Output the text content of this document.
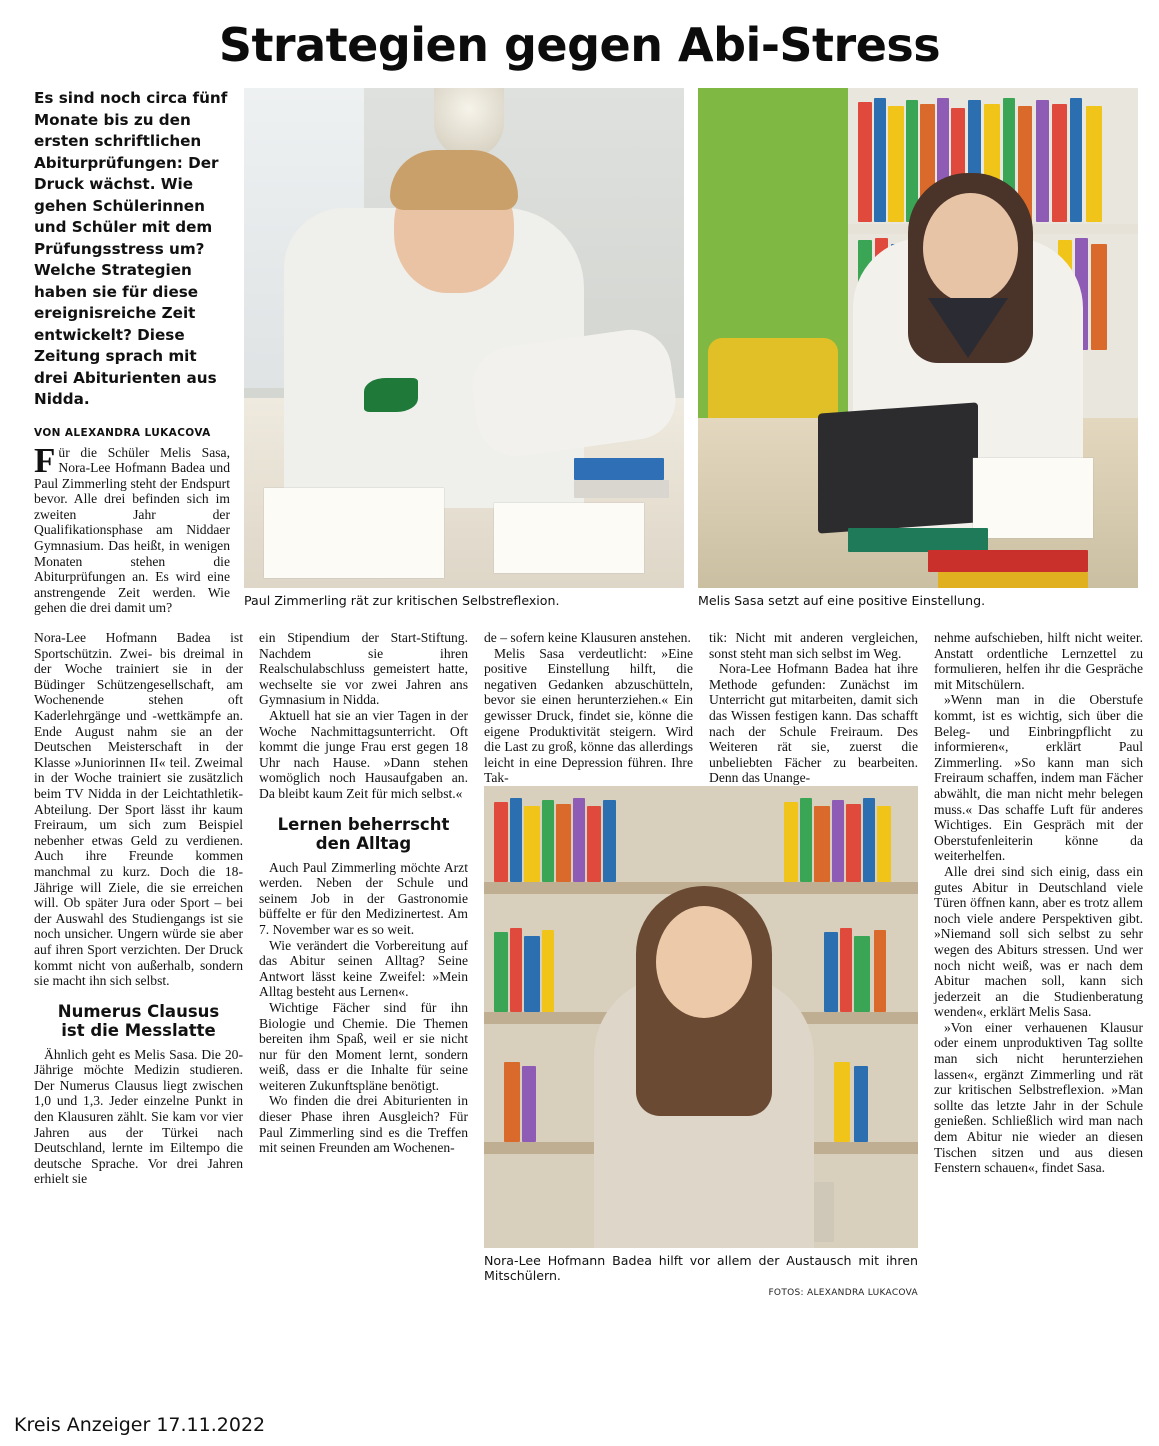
Strategien gegen Abi-Stress
Es sind noch circa fünf Monate bis zu den ersten schriftlichen Abiturprüfungen: Der Druck wächst. Wie gehen Schülerinnen und Schüler mit dem Prüfungsstress um? Welche Strategien haben sie für diese ereignisreiche Zeit entwickelt? Diese Zeitung sprach mit drei Abiturienten aus Nidda.
VON ALEXANDRA LUKACOVA

Für die Schüler Melis Sasa, Nora-Lee Hofmann Badea und Paul Zimmerling steht der Endspurt bevor. Alle drei befinden sich im zweiten Jahr der Qualifikationsphase am Niddaer Gymnasium. Das heißt, in wenigen Monaten stehen die Abiturprüfungen an. Es wird eine anstrengende Zeit werden. Wie gehen die drei damit um?	Paul Zimmerling rät zur kritischen Selbstreflexion.	Melis Sasa setzt auf eine positive Einstellung.

Nora-Lee Hofmann Badea ist Sportschützin. Zwei- bis dreimal in der Woche trainiert sie in der Büdinger Schützengesellschaft, am Wochenende stehen oft Kaderlehrgänge und -wettkämpfe an. Ende August nahm sie an der Deutschen Meisterschaft in der Klasse »Juniorinnen II« teil. Zweimal in der Woche trainiert sie zusätzlich beim TV Nidda in der Leichtathletik-Abteilung. Der Sport lässt ihr kaum Freiraum, um sich zum Beispiel nebenher etwas Geld zu verdienen. Auch ihre Freunde kommen manchmal zu kurz. Doch die 18-Jährige will Ziele, die sie erreichen will. Ob später Jura oder Sport – bei der Auswahl des Studiengangs ist sie noch unsicher. Ungern würde sie aber auf ihren Sport verzichten. Der Druck kommt nicht von außerhalb, sondern sie macht ihn sich selbst.

Numerus Clausus
ist die Messlatte

Ähnlich geht es Melis Sasa. Die 20-Jährige möchte Medizin studieren. Der Numerus Clausus liegt zwischen 1,0 und 1,3. Jeder einzelne Punkt in den Klausuren zählt. Sie kam vor vier Jahren aus der Türkei nach Deutschland, lernte im Eiltempo die deutsche Sprache. Vor drei Jahren erhielt sie

ein Stipendium der Start-Stiftung. Nachdem sie ihren Realschulabschluss gemeistert hatte, wechselte sie vor zwei Jahren ans Gymnasium in Nidda.

Aktuell hat sie an vier Tagen in der Woche Nachmittagsunterricht. Oft kommt die junge Frau erst gegen 18 Uhr nach Hause. »Dann stehen womöglich noch Hausaufgaben an. Da bleibt kaum Zeit für mich selbst.«

Lernen beherrscht
den Alltag

Auch Paul Zimmerling möchte Arzt werden. Neben der Schule und seinem Job in der Gastronomie büffelte er für den Medizinertest. Am 7. November war es so weit.

Wie verändert die Vorbereitung auf das Abitur seinen Alltag? Seine Antwort lässt keine Zweifel: »Mein Alltag besteht aus Lernen«.

Wichtige Fächer sind für ihn Biologie und Chemie. Die Themen bereiten ihm Spaß, weil er sie nicht nur für den Moment lernt, sondern weiß, dass er die Inhalte für seine weiteren Zukunftspläne benötigt.

Wo finden die drei Abiturienten in dieser Phase ihren Ausgleich? Für Paul Zimmerling sind es die Treffen mit seinen Freunden am Wochenen-

de – sofern keine Klausuren anstehen.

Melis Sasa verdeutlicht: »Eine positive Einstellung hilft, die negativen Gedanken abzuschütteln, bevor sie einen herunterziehen.« Ein gewisser Druck, findet sie, könne die eigene Produktivität steigern. Wird die Last zu groß, könne das allerdings leicht in eine Depression führen. Ihre Tak-

Nora-Lee Hofmann Badea hilft vor allem der Austausch mit ihren Mitschülern.
FOTOS: ALEXANDRA LUKACOVA

tik: Nicht mit anderen vergleichen, sonst steht man sich selbst im Weg.

Nora-Lee Hofmann Badea hat ihre Methode gefunden: Zunächst im Unterricht gut mitarbeiten, damit sich das Wissen festigen kann. Das schafft nach der Schule Freiraum. Des Weiteren rät sie, zuerst die unbeliebten Fächer zu bearbeiten. Denn das Unange-

nehme aufschieben, hilft nicht weiter. Anstatt ordentliche Lernzettel zu formulieren, helfen ihr die Gespräche mit Mitschülern.

»Wenn man in die Oberstufe kommt, ist es wichtig, sich über die Beleg- und Einbringpflicht zu informieren«, erklärt Paul Zimmerling. »So kann man sich Freiraum schaffen, indem man Fächer abwählt, die man nicht mehr belegen muss.« Das schaffe Luft für anderes Wichtiges. Ein Gespräch mit der Oberstufenleiterin könne da weiterhelfen.

Alle drei sind sich einig, dass ein gutes Abitur in Deutschland viele Türen öffnen kann, aber es trotz allem noch viele andere Perspektiven gibt. »Niemand soll sich selbst zu sehr wegen des Abiturs stressen. Und wer noch nicht weiß, was er nach dem Abitur machen soll, kann sich jederzeit an die Studienberatung wenden«, erklärt Melis Sasa.

»Von einer verhauenen Klausur oder einem unproduktiven Tag sollte man sich nicht herunterziehen lassen«, ergänzt Zimmerling und rät zur kritischen Selbstreflexion. »Man sollte das letzte Jahr in der Schule genießen. Schließlich wird man nach dem Abitur nie wieder an diesen Tischen sitzen und aus diesen Fenstern schauen«, findet Sasa.

Kreis Anzeiger 17.11.2022
